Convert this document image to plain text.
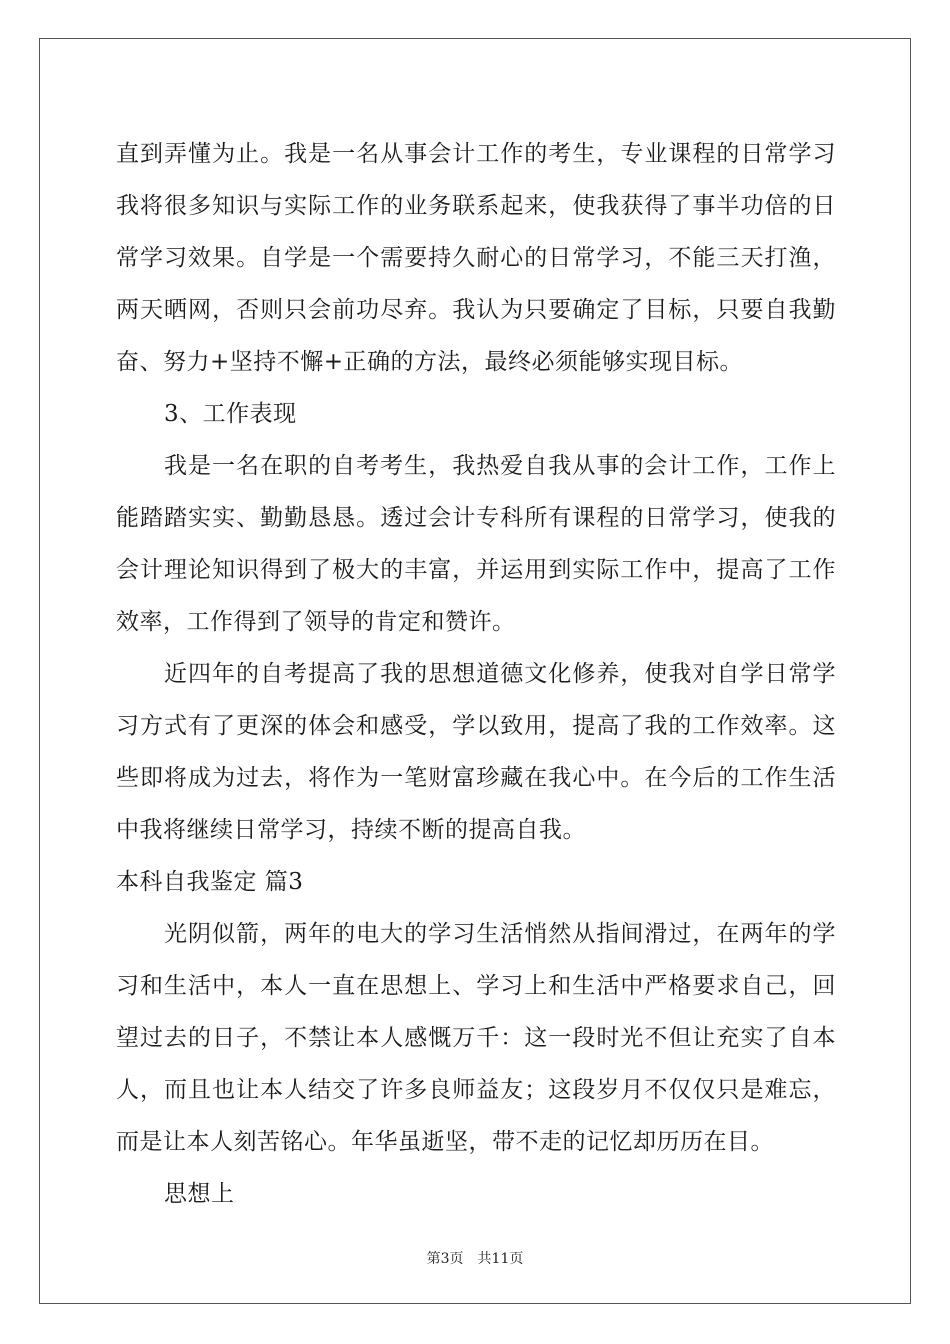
直到弄懂为止。我是一名从事会计工作的考生，专业课程的日常学习我将很多知识与实际工作的业务联系起来，使我获得了事半功倍的日常学习效果。自学是一个需要持久耐心的日常学习，不能三天打渔，两天晒网，否则只会前功尽弃。我认为只要确定了目标，只要自我勤奋、努力+坚持不懈+正确的方法，最终必须能够实现目标。

3、工作表现

我是一名在职的自考考生，我热爱自我从事的会计工作，工作上能踏踏实实、勤勤恳恳。透过会计专科所有课程的日常学习，使我的会计理论知识得到了极大的丰富，并运用到实际工作中，提高了工作效率，工作得到了领导的肯定和赞许。

近四年的自考提高了我的思想道德文化修养，使我对自学日常学习方式有了更深的体会和感受，学以致用，提高了我的工作效率。这些即将成为过去，将作为一笔财富珍藏在我心中。在今后的工作生活中我将继续日常学习，持续不断的提高自我。

本科自我鉴定 篇3

光阴似箭，两年的电大的学习生活悄然从指间滑过，在两年的学习和生活中，本人一直在思想上、学习上和生活中严格要求自己，回望过去的日子，不禁让本人感慨万千：这一段时光不但让充实了自本人，而且也让本人结交了许多良师益友；这段岁月不仅仅只是难忘，而是让本人刻苦铭心。年华虽逝坚，带不走的记忆却历历在目。

思想上

第3页 共11页
